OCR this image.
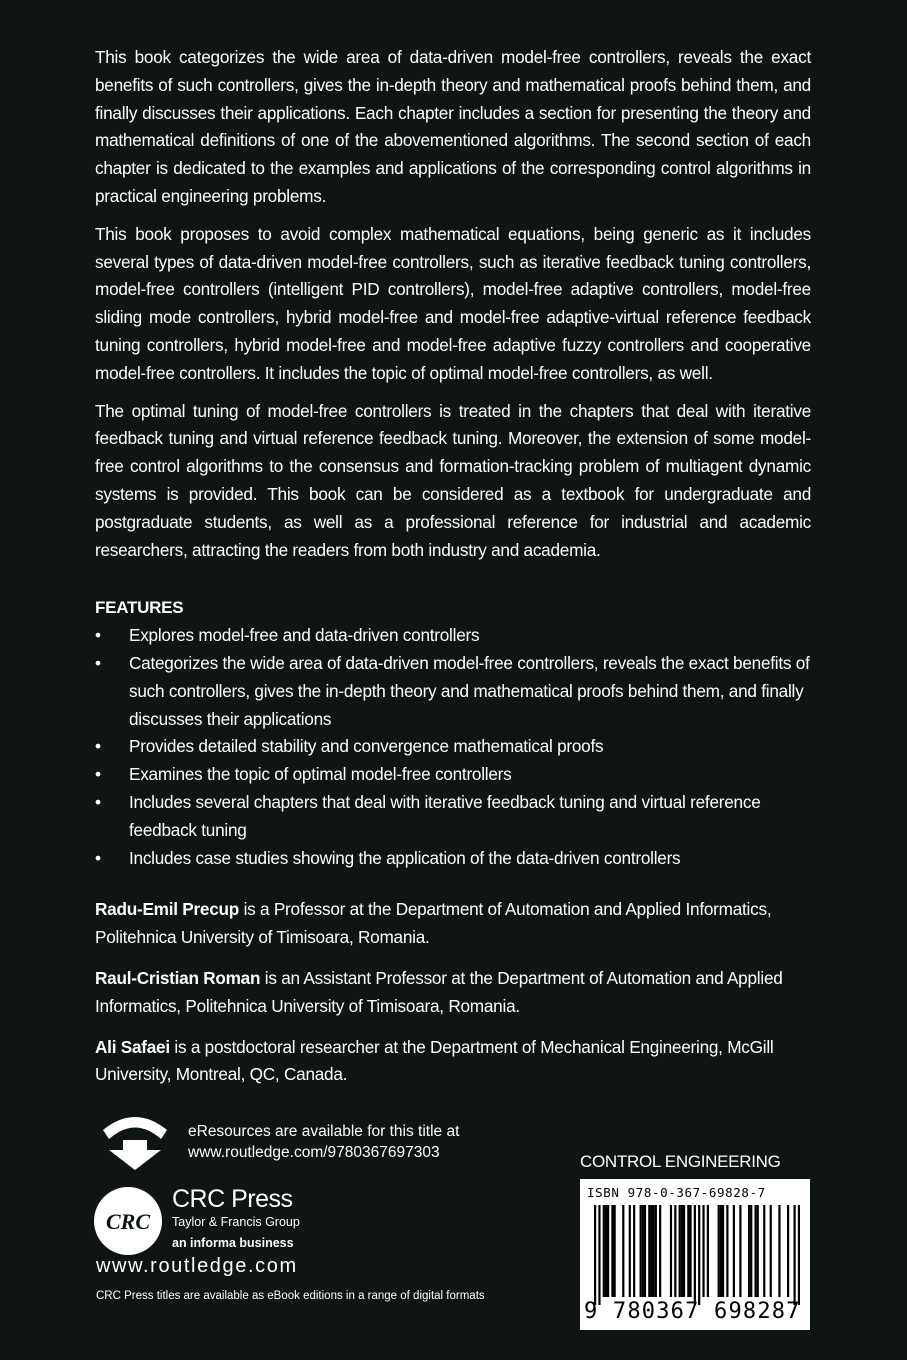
This book categorizes the wide area of data-driven model-free controllers, reveals the exact benefits of such controllers, gives the in-depth theory and mathematical proofs behind them, and finally discusses their applications. Each chapter includes a section for presenting the theory and mathematical definitions of one of the abovementioned algorithms. The second section of each chapter is dedicated to the examples and applications of the corresponding control algorithms in practical engineering problems.

This book proposes to avoid complex mathematical equations, being generic as it includes several types of data-driven model-free controllers, such as iterative feedback tuning controllers, model-free controllers (intelligent PID controllers), model-free adaptive controllers, model-free sliding mode controllers, hybrid model-free and model-free adaptive-virtual reference feedback tuning controllers, hybrid model-free and model-free adaptive fuzzy controllers and cooperative model-free controllers. It includes the topic of optimal model-free controllers, as well.

The optimal tuning of model-free controllers is treated in the chapters that deal with iterative feedback tuning and virtual reference feedback tuning. Moreover, the extension of some model-free control algorithms to the consensus and formation-tracking problem of multiagent dynamic systems is provided. This book can be considered as a textbook for undergraduate and postgraduate students, as well as a professional reference for industrial and academic researchers, attracting the readers from both industry and academia.

FEATURES
• Explores model-free and data-driven controllers
• Categorizes the wide area of data-driven model-free controllers, reveals the exact benefits of such controllers, gives the in-depth theory and mathematical proofs behind them, and finally discusses their applications
• Provides detailed stability and convergence mathematical proofs
• Examines the topic of optimal model-free controllers
• Includes several chapters that deal with iterative feedback tuning and virtual reference feedback tuning
• Includes case studies showing the application of the data-driven controllers

Radu-Emil Precup is a Professor at the Department of Automation and Applied Informatics, Politehnica University of Timisoara, Romania.

Raul-Cristian Roman is an Assistant Professor at the Department of Automation and Applied Informatics, Politehnica University of Timisoara, Romania.

Ali Safaei is a postdoctoral researcher at the Department of Mechanical Engineering, McGill University, Montreal, QC, Canada.

eRESOURCES
eResources are available for this title at
www.routledge.com/9780367697303
CRC
CRC Press
Taylor & Francis Group
an informa business
www.routledge.com
CRC Press titles are available as eBook editions in a range of digital formats
CONTROL ENGINEERING
ISBN 978-0-367-69828-7
9 780367 698287
